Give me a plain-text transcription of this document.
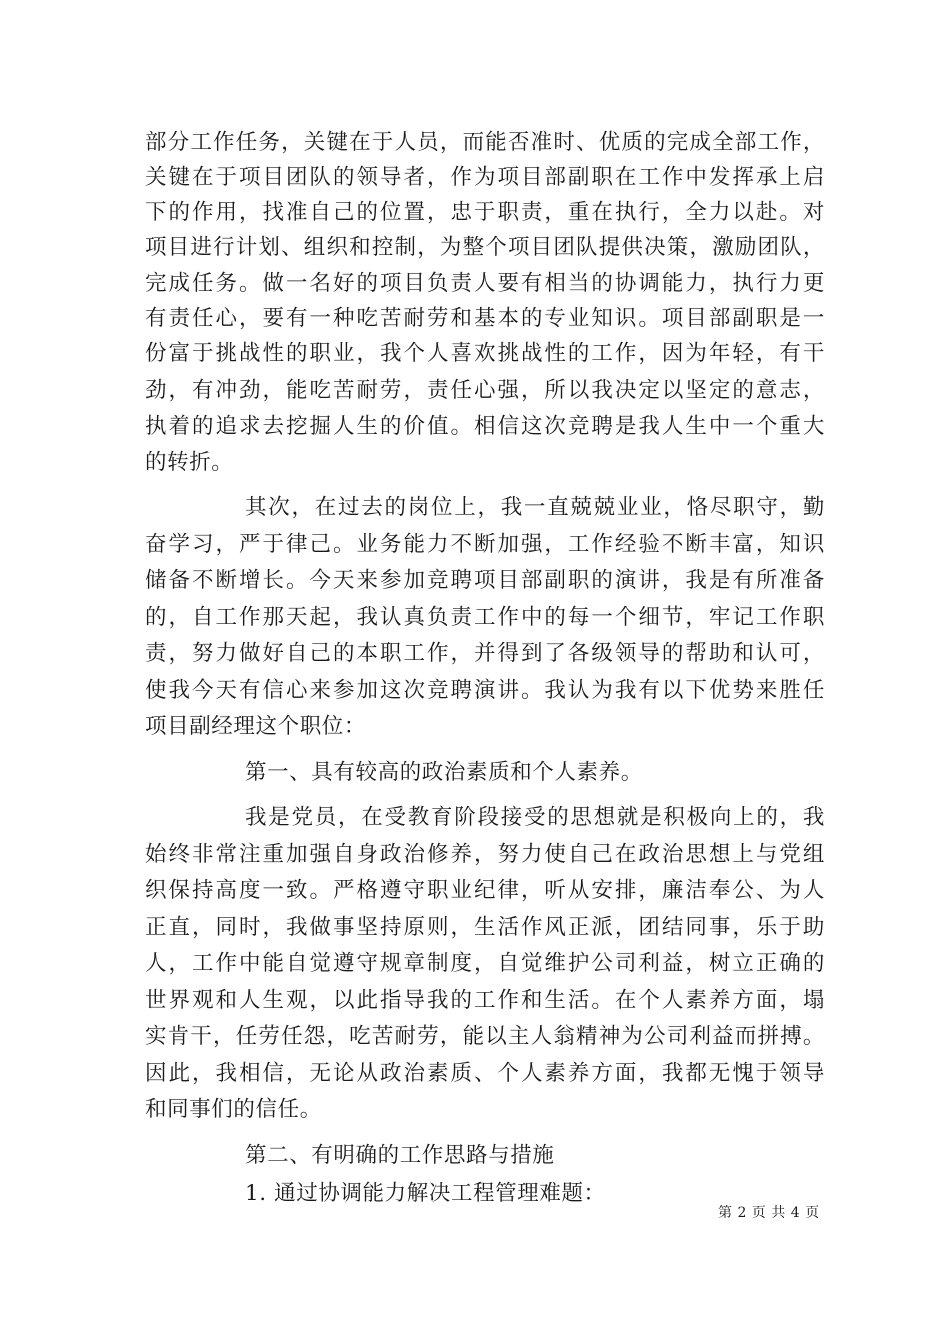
部分工作任务，关键在于人员，而能否准时、优质的完成全部工作，
关键在于项目团队的领导者，作为项目部副职在工作中发挥承上启
下的作用，找准自己的位置，忠于职责，重在执行，全力以赴。对
项目进行计划、组织和控制，为整个项目团队提供决策，激励团队，
完成任务。做一名好的项目负责人要有相当的协调能力，执行力更
有责任心，要有一种吃苦耐劳和基本的专业知识。项目部副职是一
份富于挑战性的职业，我个人喜欢挑战性的工作，因为年轻，有干
劲，有冲劲，能吃苦耐劳，责任心强，所以我决定以坚定的意志，
执着的追求去挖掘人生的价值。相信这次竞聘是我人生中一个重大
的转折。
其次，在过去的岗位上，我一直兢兢业业，恪尽职守，勤
奋学习，严于律己。业务能力不断加强，工作经验不断丰富，知识
储备不断增长。今天来参加竞聘项目部副职的演讲，我是有所准备
的，自工作那天起，我认真负责工作中的每一个细节，牢记工作职
责，努力做好自己的本职工作，并得到了各级领导的帮助和认可，
使我今天有信心来参加这次竞聘演讲。我认为我有以下优势来胜任
项目副经理这个职位：
第一、具有较高的政治素质和个人素养。
我是党员，在受教育阶段接受的思想就是积极向上的，我
始终非常注重加强自身政治修养，努力使自己在政治思想上与党组
织保持高度一致。严格遵守职业纪律，听从安排，廉洁奉公、为人
正直，同时，我做事坚持原则，生活作风正派，团结同事，乐于助
人，工作中能自觉遵守规章制度，自觉维护公司利益，树立正确的
世界观和人生观，以此指导我的工作和生活。在个人素养方面，塌
实肯干，任劳任怨，吃苦耐劳，能以主人翁精神为公司利益而拼搏。
因此，我相信，无论从政治素质、个人素养方面，我都无愧于领导
和同事们的信任。
第二、有明确的工作思路与措施
1. 通过协调能力解决工程管理难题：
第 2 页 共 4 页
